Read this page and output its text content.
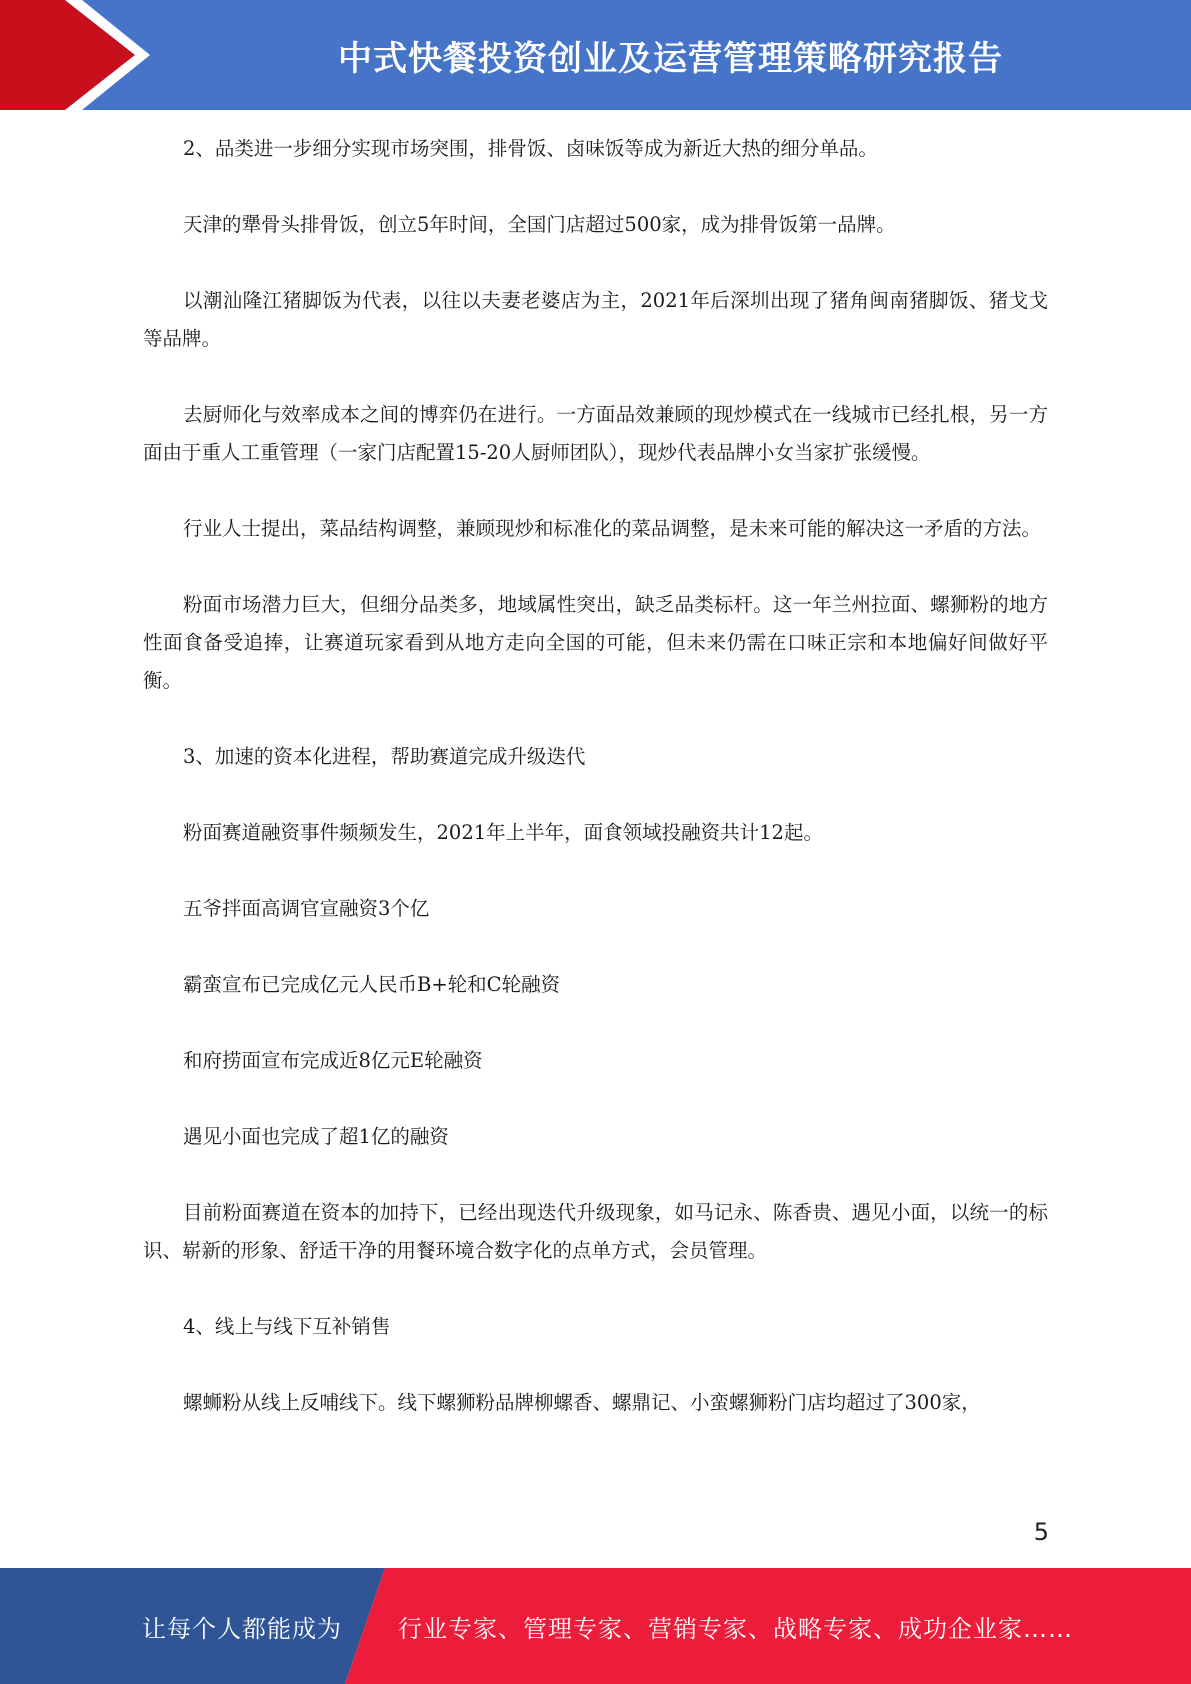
中式快餐投资创业及运营管理策略研究报告

2、品类进一步细分实现市场突围，排骨饭、卤味饭等成为新近大热的细分单品。

天津的犟骨头排骨饭，创立5年时间，全国门店超过500家，成为排骨饭第一品牌。

以潮汕隆江猪脚饭为代表，以往以夫妻老婆店为主，2021年后深圳出现了猪角闽南猪脚饭、猪戈戈等品牌。

去厨师化与效率成本之间的博弈仍在进行。一方面品效兼顾的现炒模式在一线城市已经扎根，另一方面由于重人工重管理（一家门店配置15-20人厨师团队），现炒代表品牌小女当家扩张缓慢。

行业人士提出，菜品结构调整，兼顾现炒和标准化的菜品调整，是未来可能的解决这一矛盾的方法。

粉面市场潜力巨大，但细分品类多，地域属性突出，缺乏品类标杆。这一年兰州拉面、螺狮粉的地方性面食备受追捧，让赛道玩家看到从地方走向全国的可能，但未来仍需在口味正宗和本地偏好间做好平衡。

3、加速的资本化进程，帮助赛道完成升级迭代

粉面赛道融资事件频频发生，2021年上半年，面食领域投融资共计12起。

五爷拌面高调官宣融资3个亿

霸蛮宣布已完成亿元人民币B+轮和C轮融资

和府捞面宣布完成近8亿元E轮融资

遇见小面也完成了超1亿的融资

目前粉面赛道在资本的加持下，已经出现迭代升级现象，如马记永、陈香贵、遇见小面，以统一的标识、崭新的形象、舒适干净的用餐环境合数字化的点单方式，会员管理。

4、线上与线下互补销售

螺蛳粉从线上反哺线下。线下螺狮粉品牌柳螺香、螺鼎记、小蛮螺狮粉门店均超过了300家，

5
让每个人都能成为 行业专家、管理专家、营销专家、战略专家、成功企业家……
